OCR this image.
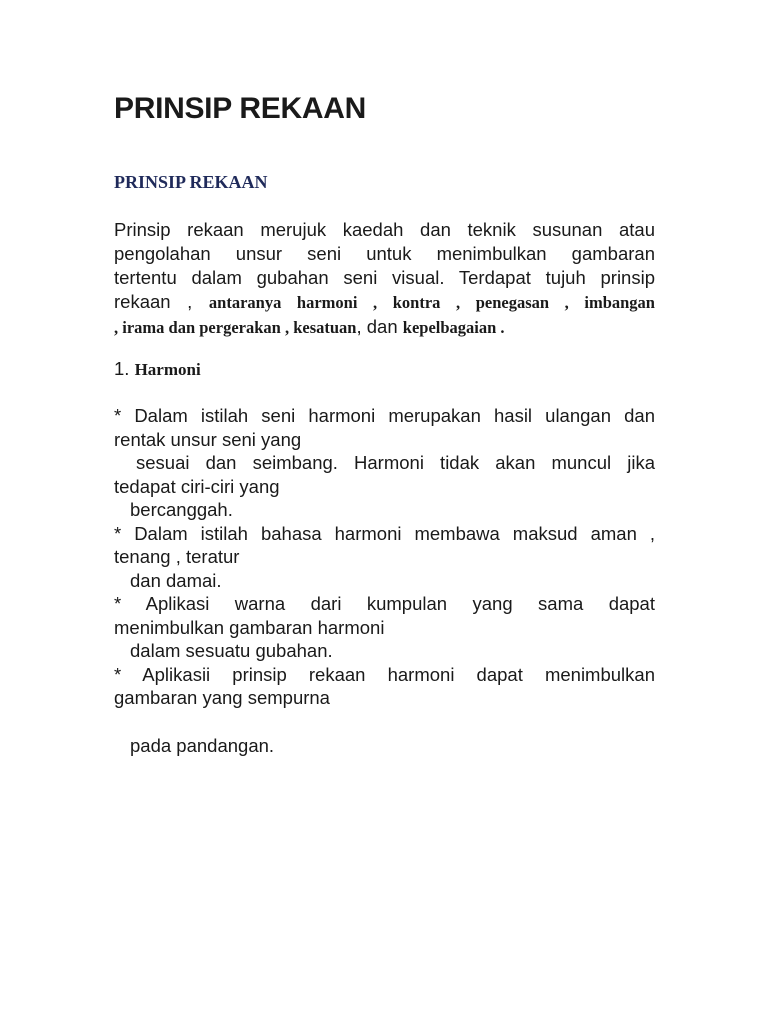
PRINSIP REKAAN
PRINSIP REKAAN
Prinsip rekaan merujuk kaedah dan teknik susunan atau
pengolahan unsur seni untuk menimbulkan gambaran
tertentu dalam gubahan seni visual. Terdapat tujuh prinsip
rekaan , antaranya harmoni , kontra , penegasan , imbangan
, irama dan pergerakan , kesatuan, dan kepelbagaian .
1. Harmoni
* Dalam istilah seni harmoni merupakan hasil ulangan dan
rentak unsur seni yang
sesuai dan seimbang. Harmoni tidak akan muncul jika
tedapat ciri-ciri yang
bercanggah.
* Dalam istilah bahasa harmoni membawa maksud aman ,
tenang , teratur
dan damai.
* Aplikasi warna dari kumpulan yang sama dapat
menimbulkan gambaran harmoni
dalam sesuatu gubahan.
* Aplikasii prinsip rekaan harmoni dapat menimbulkan
gambaran yang sempurna

pada pandangan.
